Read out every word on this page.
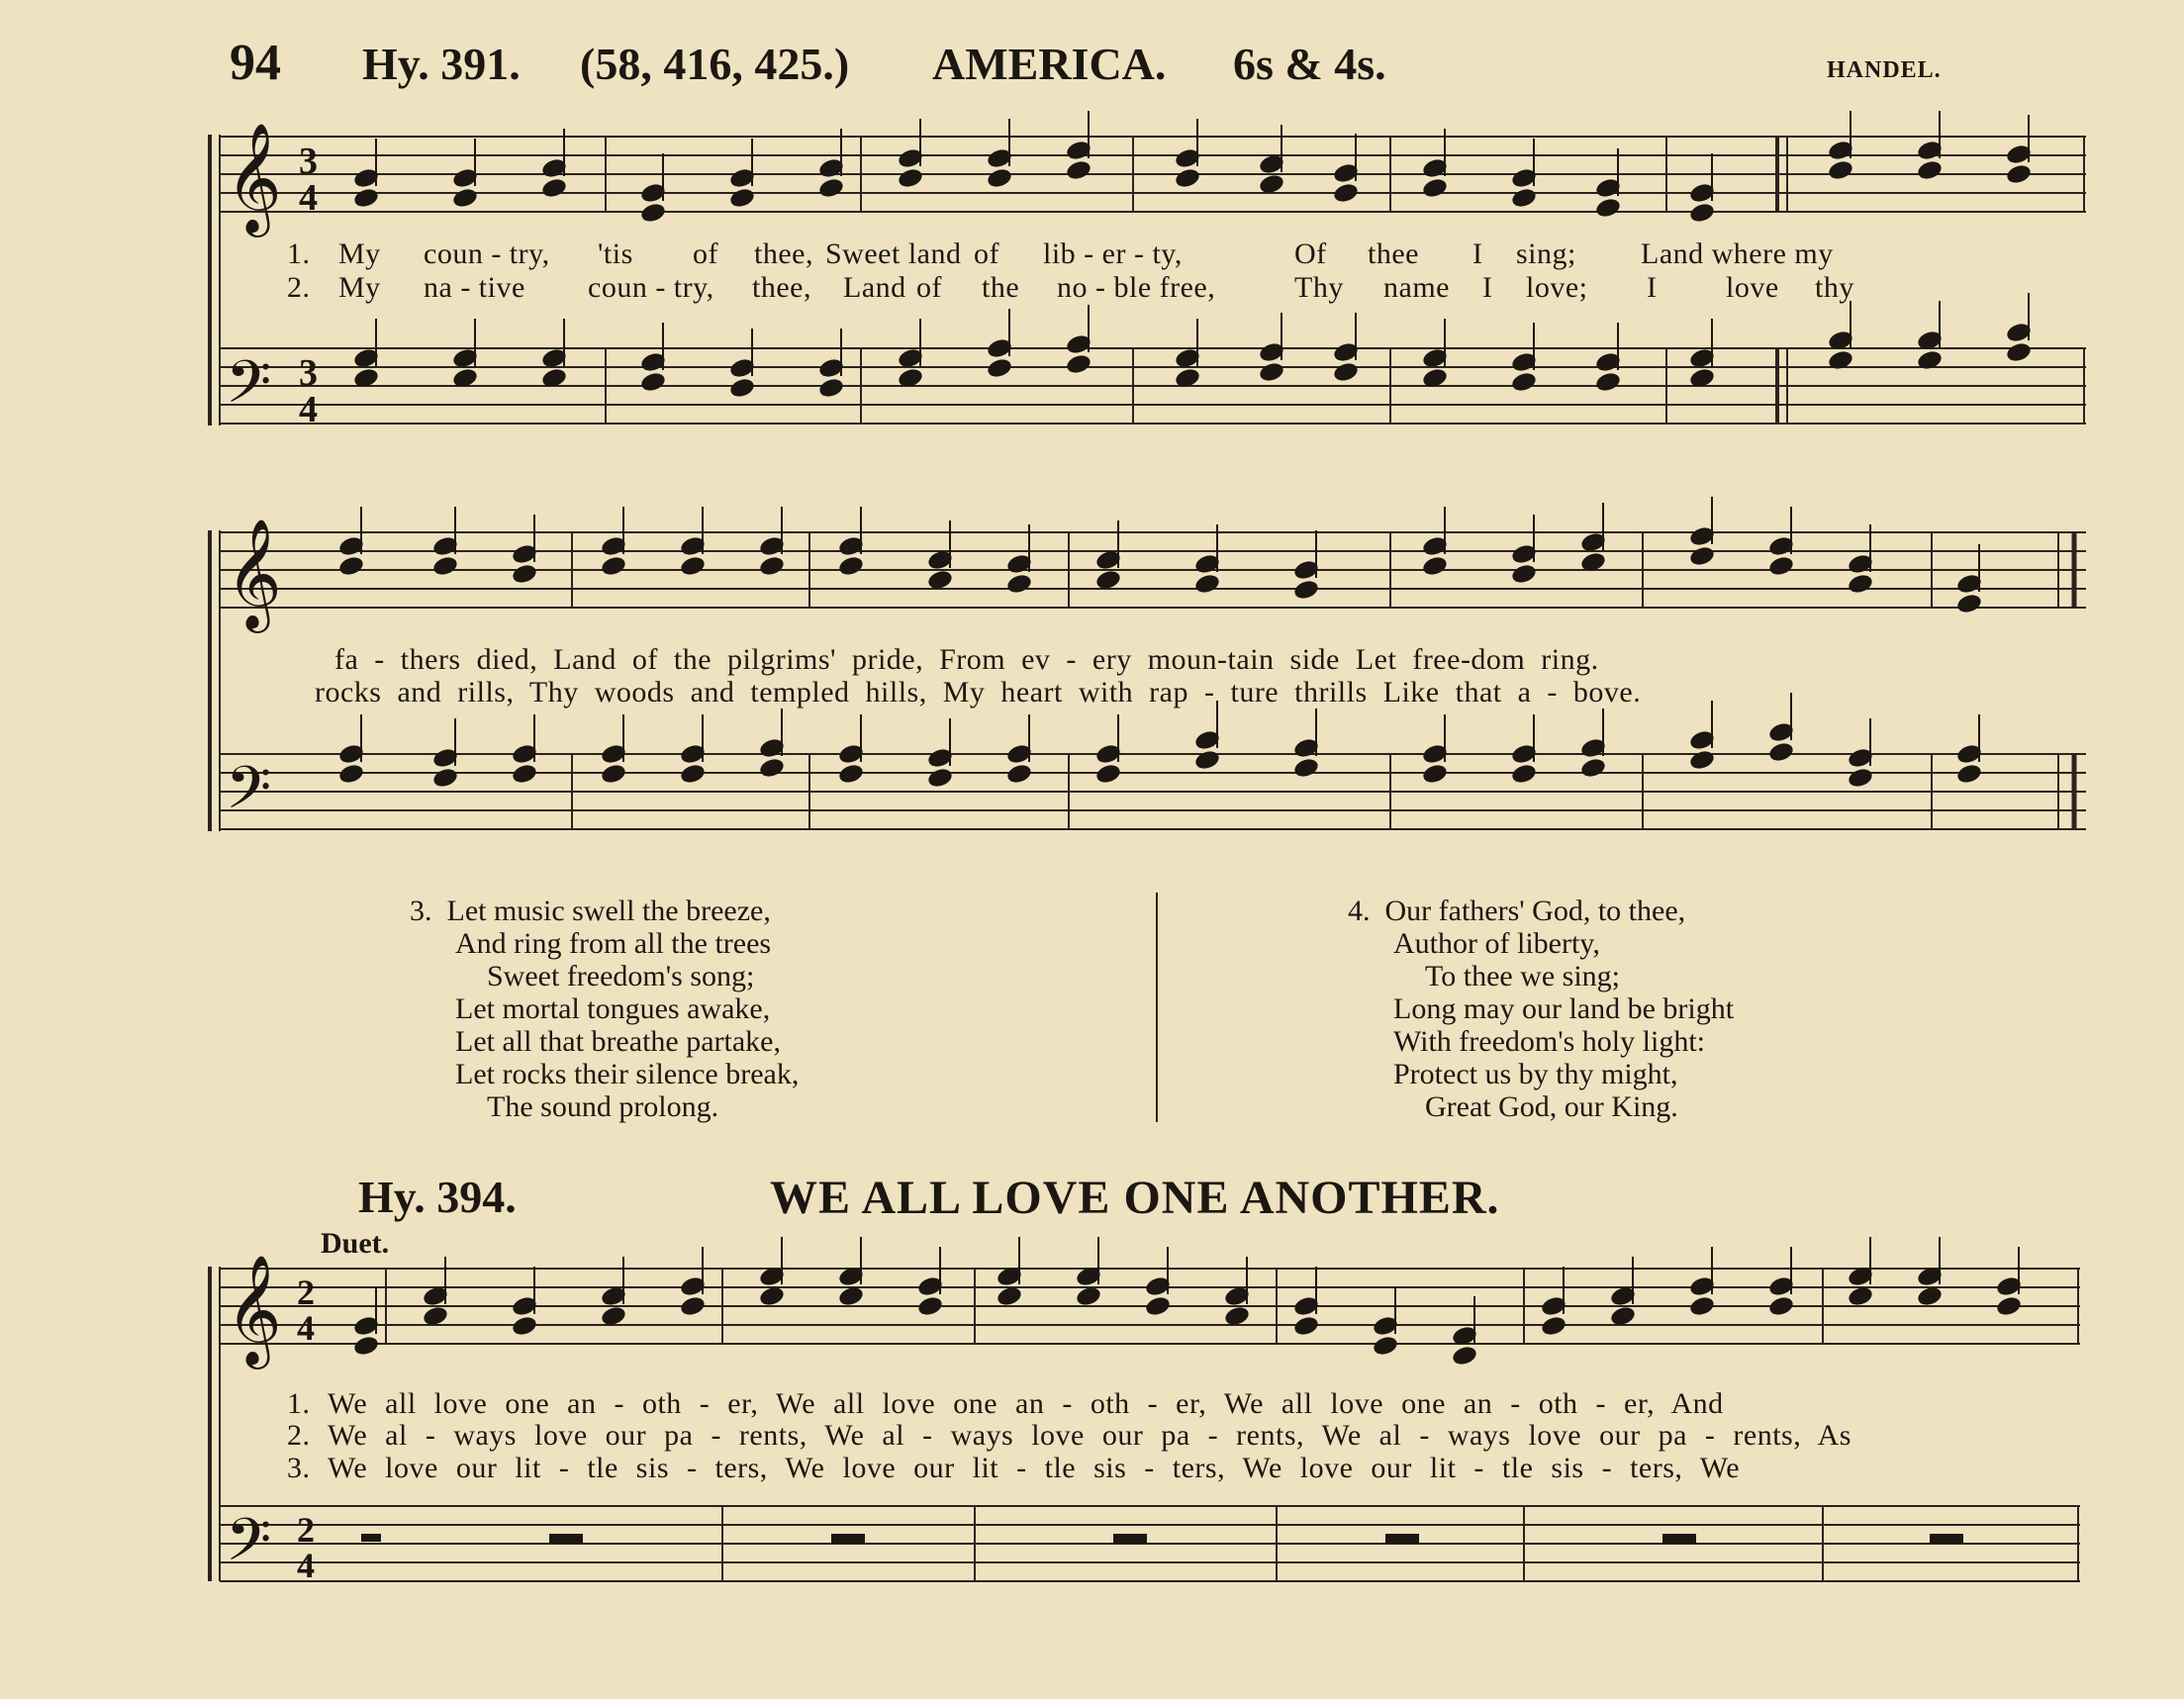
94 Hy. 391. (58, 416, 425.) AMERICA. 6s & 4s.	HANDEL.
𝄞
𝄢
3
4
3
4
1. My coun - try, 'tis of thee, Sweet land of lib - er - ty,	Of thee I sing; Land where my
2. My na - tive coun - try, thee, Land of the no - ble free,	Thy name I love; I love thy
𝄞
𝄢
fa - thers died, Land of the pilgrims' pride, From ev - ery moun-tain side Let free-dom ring.
rocks and rills, Thy woods and templed hills, My heart with rap - ture thrills Like that a - bove.
3. Let music swell the breeze,
And ring from all the trees
Sweet freedom's song;
Let mortal tongues awake,
Let all that breathe partake,
Let rocks their silence break,
The sound prolong.
4. Our fathers' God, to thee,
Author of liberty,
To thee we sing;
Long may our land be bright
With freedom's holy light:
Protect us by thy might,
Great God, our King.
Hy. 394.	WE ALL LOVE ONE ANOTHER.
Duet.
𝄞
𝄢
2
4
2
4
1. We all love one an - oth - er, We all love one an - oth - er, We all love one an - oth - er, And
2. We al - ways love our pa - rents, We al - ways love our pa - rents, We al - ways love our pa - rents, As
3. We love our lit - tle sis - ters, We love our lit - tle sis - ters, We love our lit - tle sis - ters, We
